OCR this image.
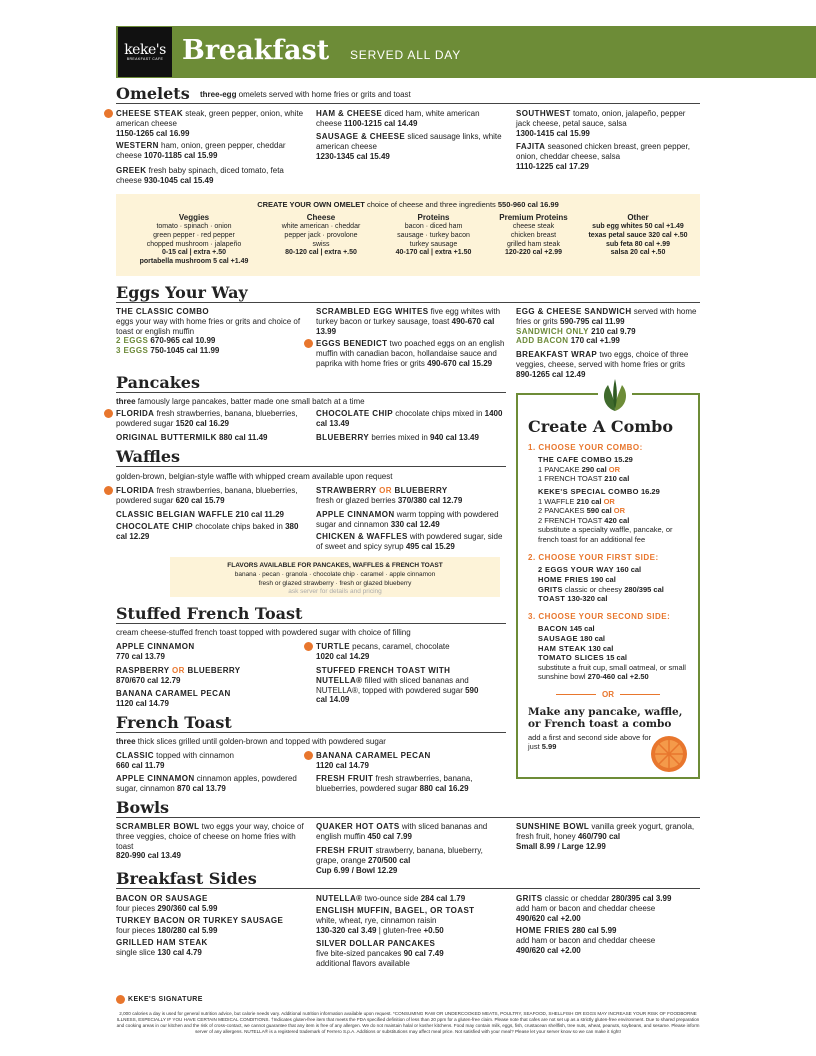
keke's
BREAKFAST CAFE Breakfast SERVED ALL DAY
Omelets three-egg omelets served with home fries or grits and toast
CHEESE STEAK steak, green pepper, onion, white american cheese
1150-1265 cal 16.99
WESTERN ham, onion, green pepper, cheddar cheese 1070-1185 cal 15.99
GREEK fresh baby spinach, diced tomato, feta cheese 930-1045 cal 15.49
HAM & CHEESE diced ham, white american cheese 1100-1215 cal 14.49
SAUSAGE & CHEESE sliced sausage links, white american cheese
1230-1345 cal 15.49
SOUTHWEST tomato, onion, jalapeño, pepper jack cheese, petal sauce, salsa
1300-1415 cal 15.99
FAJITA seasoned chicken breast, green pepper, onion, cheddar cheese, salsa
1110-1225 cal 17.29
CREATE YOUR OWN OMELET choice of cheese and three ingredients 550-960 cal 16.99
Veggies
tomato · spinach · onion
green pepper · red pepper
chopped mushroom · jalapeño
0-15 cal | extra +.50
portabella mushroom 5 cal +1.49
Cheese
white american · cheddar
pepper jack · provolone
swiss
80-120 cal | extra +.50
Proteins
bacon · diced ham
sausage · turkey bacon
turkey sausage
40-170 cal | extra +1.50
Premium Proteins
cheese steak
chicken breast
grilled ham steak
120-220 cal +2.99
Other
sub egg whites 50 cal +1.49
texas petal sauce 320 cal +.50
sub feta 80 cal +.99
salsa 20 cal +.50
Eggs Your Way
THE CLASSIC COMBO
eggs your way with home fries or grits and choice of toast or english muffin
2 EGGS 670-965 cal 10.99
3 EGGS 750-1045 cal 11.99
SCRAMBLED EGG WHITES five egg whites with turkey bacon or turkey sausage, toast 490-670 cal 13.99
EGGS BENEDICT two poached eggs on an english muffin with canadian bacon, hollandaise sauce and paprika with home fries or grits 490-670 cal 15.29
EGG & CHEESE SANDWICH served with home fries or grits 590-795 cal 11.99
SANDWICH ONLY 210 cal 9.79
ADD BACON 170 cal +1.99
BREAKFAST WRAP two eggs, choice of three veggies, cheese, served with home fries or grits 890-1265 cal 12.49
Pancakes
three famously large pancakes, batter made one small batch at a time
FLORIDA fresh strawberries, banana, blueberries, powdered sugar 1520 cal 16.29
ORIGINAL BUTTERMILK 880 cal 11.49
CHOCOLATE CHIP chocolate chips mixed in 1400 cal 13.49
BLUEBERRY berries mixed in 940 cal 13.49
Waffles
golden-brown, belgian-style waffle with whipped cream available upon request
FLORIDA fresh strawberries, banana, blueberries, powdered sugar 620 cal 15.79
CLASSIC BELGIAN WAFFLE 210 cal 11.29
CHOCOLATE CHIP chocolate chips baked in 380 cal 12.29
STRAWBERRY OR BLUEBERRY
fresh or glazed berries 370/380 cal 12.79
APPLE CINNAMON warm topping with powdered sugar and cinnamon 330 cal 12.49
CHICKEN & WAFFLES with powdered sugar, side of sweet and spicy syrup 495 cal 15.29
FLAVORS AVAILABLE FOR PANCAKES, WAFFLES & FRENCH TOAST
banana · pecan · granola · chocolate chip · caramel · apple cinnamon
fresh or glazed strawberry · fresh or glazed blueberry
ask server for details and pricing
Stuffed French Toast
cream cheese-stuffed french toast topped with powdered sugar with choice of filling
APPLE CINNAMON
770 cal 13.79
RASPBERRY OR BLUEBERRY
870/670 cal 12.79
BANANA CARAMEL PECAN
1120 cal 14.79
TURTLE pecans, caramel, chocolate
1020 cal 14.29
STUFFED FRENCH TOAST WITH NUTELLA® filled with sliced bananas and NUTELLA®, topped with powdered sugar 590 cal 14.09
French Toast
three thick slices grilled until golden-brown and topped with powdered sugar
CLASSIC topped with cinnamon
660 cal 11.79
APPLE CINNAMON cinnamon apples, powdered sugar, cinnamon 870 cal 13.79
BANANA CARAMEL PECAN
1120 cal 14.79
FRESH FRUIT fresh strawberries, banana, blueberries, powdered sugar 880 cal 16.29
Create A Combo
1. CHOOSE YOUR COMBO:
THE CAFE COMBO 15.29
1 PANCAKE 290 cal OR
1 FRENCH TOAST 210 cal
KEKE'S SPECIAL COMBO 16.29
1 WAFFLE 210 cal OR
2 PANCAKES 590 cal OR
2 FRENCH TOAST 420 cal
substitute a specialty waffle, pancake, or french toast for an additional fee
2. CHOOSE YOUR FIRST SIDE:
2 EGGS YOUR WAY 160 cal
HOME FRIES 190 cal
GRITS classic or cheesy 280/395 cal
TOAST 130-320 cal
3. CHOOSE YOUR SECOND SIDE:
BACON 145 cal
SAUSAGE 180 cal
HAM STEAK 130 cal
TOMATO SLICES 15 cal
substitute a fruit cup, small oatmeal, or small sunshine bowl 270-460 cal +2.50
OR
Make any pancake, waffle, or French toast a combo
add a first and second side above for just 5.99
Bowls
SCRAMBLER BOWL two eggs your way, choice of three veggies, choice of cheese on home fries with toast
820-990 cal 13.49
QUAKER HOT OATS with sliced bananas and english muffin 450 cal 7.99
FRESH FRUIT strawberry, banana, blueberry, grape, orange 270/500 cal
Cup 6.99 / Bowl 12.29
SUNSHINE BOWL vanilla greek yogurt, granola, fresh fruit, honey 460/790 cal
Small 8.99 / Large 12.99
Breakfast Sides
BACON OR SAUSAGE
four pieces 290/360 cal 5.99
TURKEY BACON OR TURKEY SAUSAGE
four pieces 180/280 cal 5.99
GRILLED HAM STEAK
single slice 130 cal 4.79
NUTELLA® two-ounce side 284 cal 1.79
ENGLISH MUFFIN, BAGEL, OR TOAST
white, wheat, rye, cinnamon raisin
130-320 cal 3.49 | gluten-free +0.50
SILVER DOLLAR PANCAKES
five bite-sized pancakes 90 cal 7.49
additional flavors available
GRITS classic or cheddar 280/395 cal 3.99
add ham or bacon and cheddar cheese
490/620 cal +2.00
HOME FRIES 280 cal 5.99
add ham or bacon and cheddar cheese
490/620 cal +2.00
KEKE'S SIGNATURE
2,000 calories a day is used for general nutrition advice, but calorie needs vary. Additional nutrition information available upon request. *CONSUMING RAW OR UNDERCOOKED MEATS, POULTRY, SEAFOOD, SHELLFISH OR EGGS MAY INCREASE YOUR RISK OF FOODBORNE ILLNESS, ESPECIALLY IF YOU HAVE CERTAIN MEDICAL CONDITIONS. †Indicates gluten-free item that meets the FDA specified definition of less than 20 ppm for a gluten-free claim. Please note that cafes are not set up as a strictly gluten-free environment. Due to shared preparation and cooking areas in our kitchen and the risk of cross-contact, we cannot guarantee that any item is free of any allergen. We do not maintain halal or kosher kitchens. Food may contain milk, eggs, fish, crustacean shellfish, tree nuts, wheat, peanuts, soybeans, and sesame. Please inform server of any allergens. NUTELLA® is a registered trademark of Ferrero S.p.A. Additions or substitutions may affect meal price. Not satisfied with your meal? Please let your server know so we can make it right!
